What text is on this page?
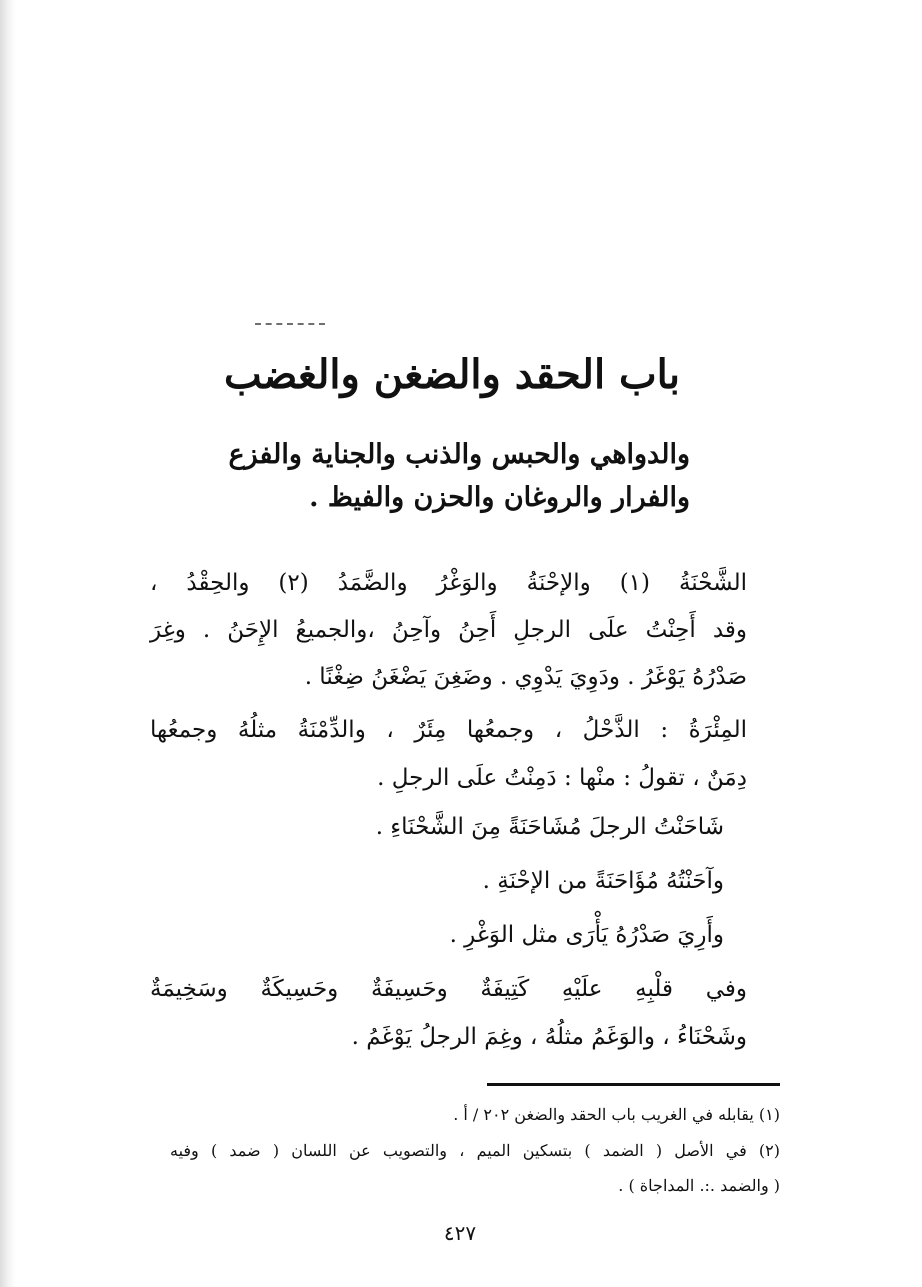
باب الحقد والضغن والغضب
والدواهي والحبس والذنب والجناية والفزع
والفرار والروغان والحزن والفيظ .
الشَّحْنَةُ (١) والإحْنَةُ والوَغْرُ والضَّمَدُ (٢) والحِقْدُ ،
وقد أَحِنْتُ علَى الرجلِ أَحِنُ وآحِنُ ،والجميعُ الإِحَنُ . وغِرَ
صَدْرُهُ يَوْغَرُ . ودَوِيَ يَدْوِي . وضَغِنَ يَضْغَنُ ضِغْنًا .
المِئْرَةُ : الذَّحْلُ ، وجمعُها مِئَرٌ ، والدِّمْنَةُ مثلُهُ وجمعُها
دِمَنٌ ، تقولُ : منْها : دَمِنْتُ علَى الرجلِ .
شَاحَنْتُ الرجلَ مُشَاحَنَةً مِنَ الشَّحْنَاءِ .
وآحَنْتُهُ مُؤَاحَنَةً من الإحْنَةِ .
وأَرِيَ صَدْرُهُ يَأْرَى مثل الوَغْرِ .
وفي قلْبِهِ علَيْهِ كَتِيفَةٌ وحَسِيفَةٌ وحَسِيكَةٌ وسَخِيمَةٌ
وشَحْنَاءُ ، والوَغَمُ مثلُهُ ، وغِمَ الرجلُ يَوْغَمُ .
(١) يقابله في الغريب باب الحقد والضغن ٢٠٢ / أ .
(٢) في الأصل ( الضمد ) بتسكين الميم ، والتصويب عن اللسان ( ضمد ) وفيه
( والضمد .:. المداجاة ) .
٤٢٧
